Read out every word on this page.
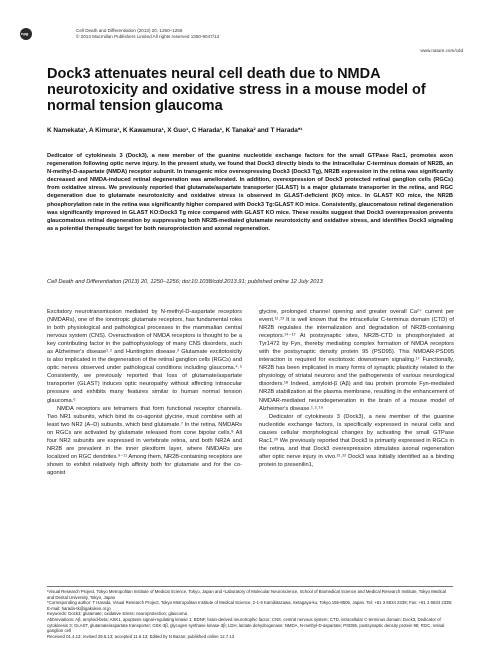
npg
Cell Death and Differentiation (2013) 20, 1250–1256
© 2013 Macmillan Publishers Limited All rights reserved 1350-9047/13
www.nature.com/cdd
Dock3 attenuates neural cell death due to NMDA neurotoxicity and oxidative stress in a mouse model of normal tension glaucoma
K Namekata¹, A Kimura¹, K Kawamura¹, X Guo¹, C Harada¹, K Tanaka² and T Harada*¹
Dedicator of cytokinesis 3 (Dock3), a new member of the guanine nucleotide exchange factors for the small GTPase Rac1, promotes axon regeneration following optic nerve injury. In the present study, we found that Dock3 directly binds to the intracellular C-terminus domain of NR2B, an N-methyl-D-aspartate (NMDA) receptor subunit. In transgenic mice overexpressing Dock3 (Dock3 Tg), NR2B expression in the retina was significantly decreased and NMDA-induced retinal degeneration was ameliorated. In addition, overexpression of Dock3 protected retinal ganglion cells (RGCs) from oxidative stress. We previously reported that glutamate/aspartate transporter (GLAST) is a major glutamate transporter in the retina, and RGC degeneration due to glutamate neurotoxicity and oxidative stress is observed in GLAST-deficient (KO) mice. In GLAST KO mice, the NR2B phosphorylation rate in the retina was significantly higher compared with Dock3 Tg:GLAST KO mice. Consistently, glaucomatous retinal degeneration was significantly improved in GLAST KO:Dock3 Tg mice compared with GLAST KO mice. These results suggest that Dock3 overexpression prevents glaucomatous retinal degeneration by suppressing both NR2B-mediated glutamate neurotoxicity and oxidative stress, and identifies Dock3 signaling as a potential therapeutic target for both neuroprotection and axonal regeneration.
Cell Death and Differentiation (2013) 20, 1250–1256; doi:10.1038/cdd.2013.91; published online 12 July 2013

Excitatory neurotransmission mediated by N-methyl-D-aspartate receptors (NMDARs), one of the ionotropic glutamate receptors, has fundamental roles in both physiological and pathological processes in the mammalian central nervous system (CNS). Overactivation of NMDA receptors is thought to be a key contributing factor in the pathophysiology of many CNS disorders, such as Alzheimer's disease¹˒² and Huntington disease.³ Glutamate excitotoxicity is also implicated in the degeneration of the retinal ganglion cells (RGCs) and optic nerves observed under pathological conditions including glaucoma.⁴˒⁵ Consistently, we previously reported that loss of glutamate/aspartate transporter (GLAST) induces optic neuropathy without affecting intraocular pressure and exhibits many features similar to human normal tension glaucoma.⁶

NMDA receptors are tetramers that form functional receptor channels. Two NR1 subunits, which bind its co-agonist glycine, must combine with at least two NR2 (A–D) subunits, which bind glutamate.⁷ In the retina, NMDARs on RGCs are activated by glutamate released from cone bipolar cells.⁸ All four NR2 subunits are expressed in vertebrate retina, and both NR2A and NR2B are prevalent in the inner plexiform layer, where NMDARs are localized on RGC dendrites.⁹⁻¹¹ Among them, NR2B-containing receptors are shown to exhibit relatively high affinity both for glutamate and for the co-agonist

glycine, prolonged channel opening and greater overall Ca²⁺ current per event.¹²˒¹³ It is well known that the intracellular C-terminus domain (CTD) of NR2B regulates the internalization and degradation of NR2B-containing receptors.¹⁴⁻¹⁷ At postsynaptic sites, NR2B-CTD is phosphorylated at Tyr1472 by Fyn, thereby mediating complex formation of NMDA receptors with the postsynaptic density protein 95 (PSD95). This NMDAR-PSD95 interaction is required for excitotoxic downstream signaling.¹⁷ Functionally, NR2B has been implicated in many forms of synaptic plasticity related to the physiology of striatal neurons and the pathogenesis of various neurological disorders.¹⁸ Indeed, amyloid-β (Aβ) and tau protein promote Fyn-mediated NR2B stabilization at the plasma membrane, resulting in the enhancement of NMDAR-mediated neurodegeneration in the brain of a mouse model of Alzheimer's disease.¹˒²˒¹⁹

Dedicator of cytokinesis 3 (Dock3), a new member of the guanine nucleotide exchange factors, is specifically expressed in neural cells and causes cellular morphological changes by activating the small GTPase Rac1.²⁰ We previously reported that Dock3 is primarily expressed in RGCs in the retina, and that Dock3 overexpression stimulates axonal regeneration after optic nerve injury in vivo.²¹˒²² Dock3 was initially identified as a binding protein to presenilin1,

¹Visual Research Project, Tokyo Metropolitan Institute of Medical Science, Tokyo, Japan and ²Laboratory of Molecular Neuroscience, School of Biomedical Science and Medical Research Institute, Tokyo Medical and Dental University, Tokyo, Japan
*Corresponding author: T Harada, Visual Research Project, Tokyo Metropolitan Institute of Medical Science, 2-1-6 Kamikitazawa, Setagaya-ku, Tokyo 156-8506, Japan. Tel: +81 3 6834 2338; Fax: +81 3 6834 2339; E-mail: harada-tk@igakuken.or.jp
Keywords: Dock3; glutamate; oxidative stress; neuroprotection; glaucoma
Abbreviations: Aβ, amyloid-beta; ASK1, apoptosis signal-regulating kinase 1; BDNF, brain-derived neurotrophic factor; CNS, central nervous system; CTD, intracellular C-terminus domain; Dock3, Dedicator of cytokinesis 3; GLAST, glutamate/aspartate transporter; GSK-3β, glycogen synthase kinase-3β; LDH, lactate dehydrogenase; NMDA, N-methyl-D-aspartate; PSD95, postsynaptic density protein 95; RGC, retinal ganglion cell
Received 01.4.13; revised 29.5.13; accepted 11.6.13; Edited by N Bazan; published online 12.7.13
